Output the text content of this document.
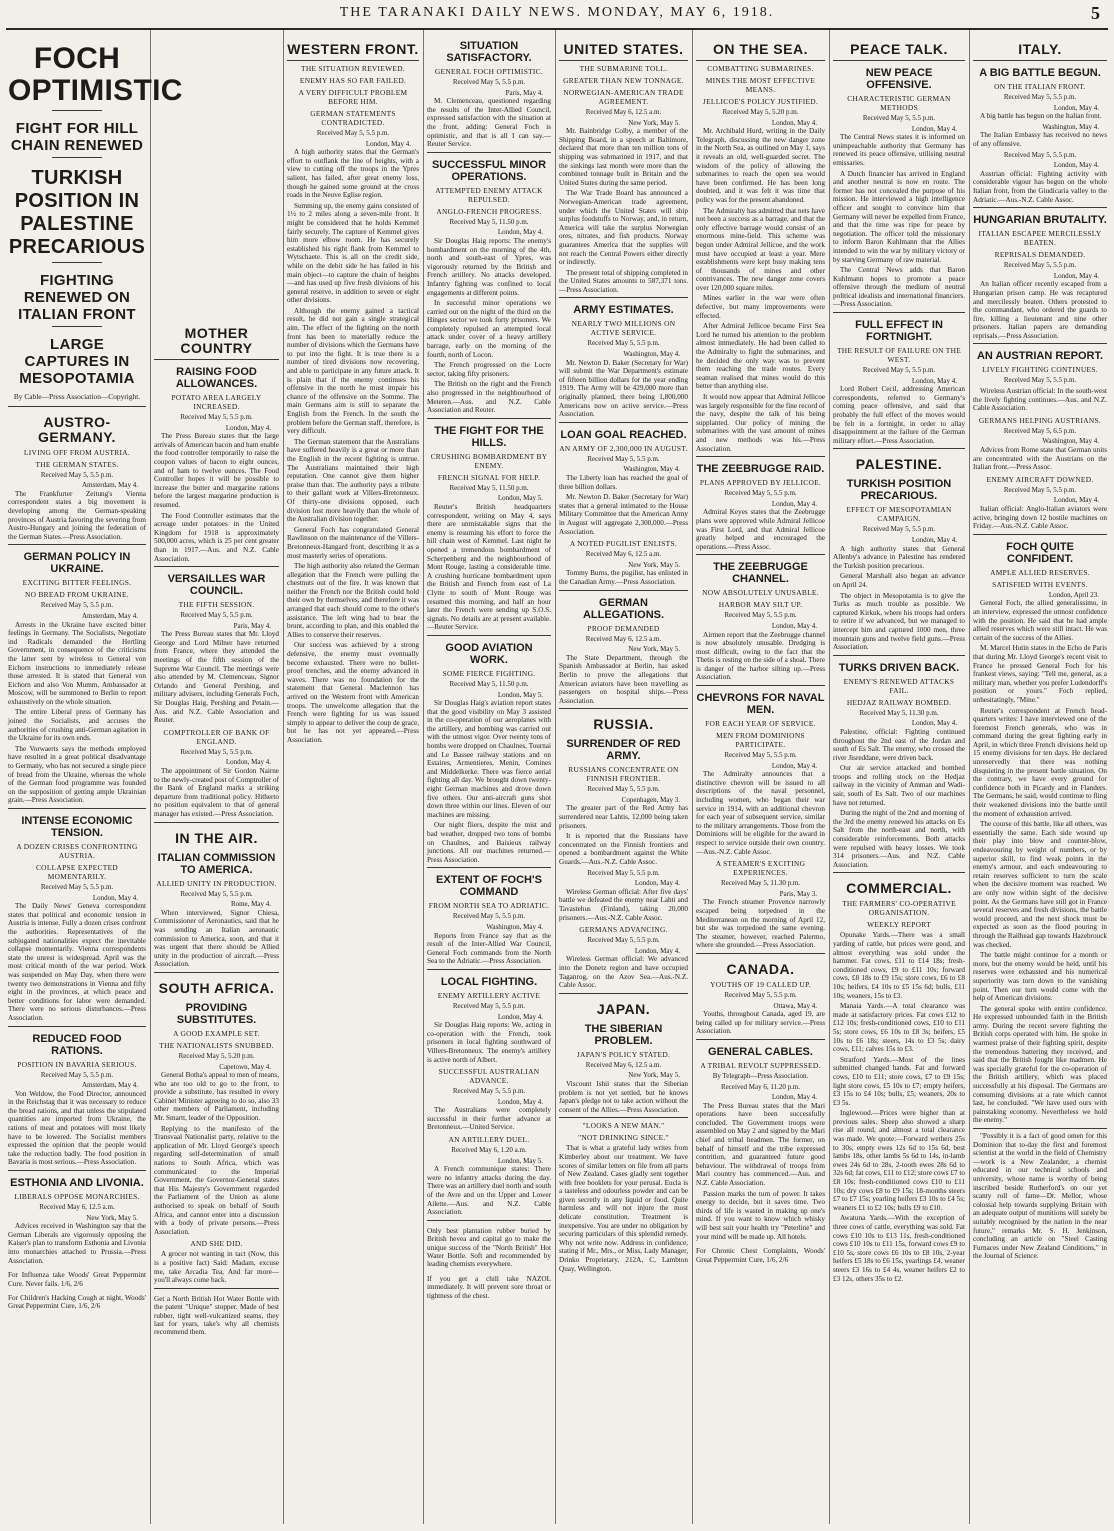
THE TARANAKI DAILY NEWS. MONDAY, MAY 6, 1918.	5
FOCH OPTIMISTIC
FIGHT FOR HILL CHAIN RENEWED
TURKISH POSITION IN PALESTINE PRECARIOUS
FIGHTING RENEWED ON ITALIAN FRONT
LARGE CAPTURES IN MESOPOTAMIA
By Cable—Press Association—Copyright.
AUSTRO-GERMANY.
LIVING OFF FROM AUSTRIA.
THE GERMAN STATES.
Received May 5, 5.5 p.m.
Amsterdam, May 4.

The Frankfurter Zeitung's Vienna correspondent states a big movement is developing among the German-speaking provinces of Austria favoring the severing from Austro-Hungary and joining the federation of the German States.—Press Association.

GERMAN POLICY IN UKRAINE.
EXCITING BITTER FEELINGS.
NO BREAD FROM UKRAINE.
Received May 5, 5.5 p.m.
Amsterdam, May 4.

Arrests in the Ukraine have excited bitter feelings in Germany. The Socialists, Negotiate ind Radicals demanded the Hertling Government, in consequence of the criticisms the latter sent by wireless to General von Eichorn instructions to immediately release those arrested. It is stated that General von Eichorn and also Von Mumm, Ambassador at Moscow, will be summoned to Berlin to report exhaustively on the whole situation.

The entire Liberal press of Germany has joined the Socialists, and accuses the authorities of crushing anti-German agitation in the Ukraine for its own ends.

The Vorwaerts says the methods employed have resulted in a great political disadvantage to Germany, who has not secured a single piece of bread from the Ukraine, whereas the whole of the German food programme was founded on the supposition of getting ample Ukrainian grain.—Press Association.

INTENSE ECONOMIC TENSION.
A DOZEN CRISES CONFRONTING AUSTRIA.
COLLAPSE EXPECTED MOMENTARILY.
Received May 5, 5.5 p.m.
London, May 4.

The Daily News' Geneva correspondent states that political and economic tension in Austria is intense. Fully a dozen crises confront the authorities. Representatives of the subjugated nationalities expect the inevitable collapse momentarily. Vienna correspondents state the unrest is widespread. April was the most critical month of the war period. Work was suspended on May Day, when there were twenty two demonstrations in Vienna and fifty eight in the provinces, at which peace and better conditions for labor were demanded. There were no serious disturbances.—Press Association.

REDUCED FOOD RATIONS.
POSITION IN BAVARIA SERIOUS.
Received May 5, 5.5 p.m.
Amsterdam, May 4.

Von Weldow, the Food Director, announced in the Reichstag that it was necessary to reduce the bread rations, and that unless the stipulated quantities are imported from Ukraine, the rations of meat and potatoes will most likely have to be lowered. The Socialist members expressed the opinion that the people would take the reduction badly. The food position in Bavaria is most serious.—Press Association.

ESTHONIA AND LIVONIA.
LIBERALS OPPOSE MONARCHIES.
Received May 6, 12.5 a.m.
New York, May 5.

Advices received in Washington say that the German Liberals are vigorously opposing the Kaiser's plan to transform Esthonia and Livonia into monarchies attached to Prussia.—Press Association.

For Influenza take Woods' Great Peppermint Cure. Never fails. 1/6, 2/6
For Children's Hacking Cough at night, Woods' Great Peppermint Cure, 1/6, 2/6
MOTHER COUNTRY
RAISING FOOD ALLOWANCES.
POTATO AREA LARGELY INCREASED.
Received May 5, 5.5 p.m.
London, May 4.

The Press Bureau states that the large arrivals of American bacon and ham enable the food controller temporarily to raise the coupon values of bacon to eight ounces, and of ham to twelve ounces. The Food Controller hopes it will be possible to increase the butter and margarine rations before the largest margarine production is resumed.

The Food Controller estimates that the acreage under potatoes in the United Kingdom for 1918 is approximately 500,000 acres, which is 25 per cent greater than in 1917.—Aus. and N.Z. Cable Association.

VERSAILLES WAR COUNCIL.
THE FIFTH SESSION.
Received May 5, 5.5 p.m.
Paris, May 4.

The Press Bureau states that Mr. Lloyd George and Lord Milner have returned from France, where they attended the meetings of the fifth session of the Supreme War Council. The meetings were also attended by M. Clemenceau, Signor Orlando and General Pershing, and military advisers, including Generals Foch, Sir Douglas Haig, Pershing and Petain.—Aus. and N.Z. Cable Association and Reuter.

COMPTROLLER OF BANK OF ENGLAND.
Received May 5, 5.5 p.m.
London, May 4.

The appointment of Sir Gordon Nairne to the newly-created post of Comptroller of the Bank of England marks a striking departure from traditional policy. Hitherto no position equivalent to that of general manager has existed.—Press Association.

IN THE AIR.
ITALIAN COMMISSION TO AMERICA.
ALLIED UNITY IN PRODUCTION.
Received May 5, 5.5 p.m.
Rome, May 4.

When interviewed, Signor Chiesa, Commissioner of Aeronautics, said that he was sending an Italian aeronautic commission to America, soon, and that it was urgent that there should be Allied unity in the production of aircraft.—Press Association.

SOUTH AFRICA.
PROVIDING SUBSTITUTES.
A GOOD EXAMPLE SET.
THE NATIONALISTS SNUBBED.
Received May 5, 5.20 p.m.
Capetown, May 4.

General Botha's appeal to men of means, who are too old to go to the front, to provide a substitute, has resulted in every Cabinet Minister agreeing to do so, also 33 other members of Parliament, including Mr. Smartt, leader of the Opposition.

Replying to the manifesto of the Transvaal Nationalist party, relative to the application of Mr. Lloyd George's speech regarding self-determination of small nations to South Africa, which was communicated to the Imperial Government, the Governor-General states that His Majesty's Government regarded the Parliament of the Union as alone authorised to speak on behalf of South Africa, and cannot enter into a discussion with a body of private persons.—Press Association.

AND SHE DID.

A grocer not wanting in tact (Now, this is a positive fact) Said: Madam, excuse me, take Arcadia Tea, And far more—you'll always come back.

Get a North British Hot Water Bottle with the patent "Unique" stopper. Made of best rubber, tight well-vulcanized seams, they last for years, take's why all chemists recommend them.
WESTERN FRONT.
THE SITUATION REVIEWED.
ENEMY HAS SO FAR FAILED.
A VERY DIFFICULT PROBLEM BEFORE HIM.
GERMAN STATEMENTS CONTRADICTED.
Received May 5, 5.5 p.m.
London, May 4.

A high authority states that the German's effort to outflank the line of heights, with a view to cutting off the troops in the Ypres salient, has failed, after great enemy loss, though he gained some ground at the cross roads in the Neuve Eglise region.

Summing up, the enemy gains consisted of 1½ to 2 miles along a seven-mile front. It might be considered that he holds Kemmel fairly securely. The capture of Kemmel gives him more elbow room. He has securely established his right flank from Kemmel to Wytschaete. This is all on the credit side, while on the debit side he has failed in his main object—to capture the chain of heights—and has used up five fresh divisions of his general reserve, in addition to seven or eight other divisions.

Although the enemy gained a tactical result, he did not gain a single strategical aim. The effect of the fighting on the north front has been to materially reduce the number of divisions which the Germans have to put into the fight. It is true there is a number of tired divisions now recovering, and able to participate in any future attack. It is plain that if the enemy continues his offensive in the north he must impair his chance of the offensive on the Somme. The main Germans aim is still to separate the English from the French. In the south the problem before the German staff, therefore, is very difficult.

The German statement that the Australians have suffered heavily is a great or more than the English in the recent fighting is untrue. The Australians maintained their high reputation. One cannot give them higher praise than that. The authority pays a tribute to their gallant work at Villers-Bretonneux. Of thirty-one divisions opposed, each division lost more heavily than the whole of the Australian division together.

General Foch has congratulated General Rawlinson on the maintenance of the Villers-Bretonneux-Hangard front, describing it as a most masterly series of operations.

The high authority also related the German allegation that the French were pulling the chestnuts out of the fire. It was known that neither the French nor the British could hold their own by themselves, and therefore it was arranged that each should come to the other's assistance. The left wing had to bear the brunt, according to plan, and this enabled the Allies to conserve their reserves.

Our success was achieved by a strong defensive, the enemy must eventually become exhausted. There were no bullet-proof trenches, and the enemy advanced in waves. There was no foundation for the statement that General Maclennon has arrived on the Western front with American troops. The unwelcome allegation that the French were fighting for us was issued simply to appear to deliver the coup de grace, but he has not yet appeared.—Press Association.

SITUATION SATISFACTORY.
GENERAL FOCH OPTIMISTIC.
Received May 5, 5.5 p.m.
Paris, May 4.

M. Clemenceau, questioned regarding the results of the Inter-Allied Council, expressed satisfaction with the situation at the front, adding: General Foch is optimistic, and that is all I can say.—Reuter Service.

SUCCESSFUL MINOR OPERATIONS.
ATTEMPTED ENEMY ATTACK REPULSED.
ANGLO-FRENCH PROGRESS.
Received May 5, 11.50 p.m.
London, May 4.

Sir Douglas Haig reports: The enemy's bombardment on the morning of the 4th, north and south-east of Ypres, was vigorously returned by the British and French artillery. No attacks developed. Infantry fighting was confined to local engagements at different points.

In successful minor operations we carried out on the night of the third on the Hinges sector we took forty prisoners. We completely repulsed an attempted local attack under cover of a heavy artillery barrage, early on the morning of the fourth, north of Locon.

The French progressed on the Locre sector, taking fifty prisoners.

The British on the right and the French also progressed in the neighbourhood of Meteren.—Aus. and N.Z. Cable Association and Reuter.

THE FIGHT FOR THE HILLS.
CRUSHING BOMBARDMENT BY ENEMY.
FRENCH SIGNAL FOR HELP.
Received May 5, 11.50 p.m.
London, May 5.

Reuter's British headquarters correspondent, writing on May 4, says there are unmistakable signs that the enemy is resuming his effort to force the hill chain west of Kemmel. Last night he opened a tremendous bombardment of Scherpenberg and the neighbourhood of Mont Rouge, lasting a considerable time. A crushing hurricane bombardment upon the British and French from east of La Clytte to south of Mont Rouge was resumed this morning, and half an hour later the French were sending up S.O.S. signals. No details are at present available.—Reuter Service.

GOOD AVIATION WORK.
SOME FIERCE FIGHTING.
Received May 5, 11.50 p.m.
London, May 5.

Sir Douglas Haig's aviation report states that the good visibility on May 3 assisted in the co-operation of our aeroplanes with the artillery, and bombing was carried out with the utmost vigor. Over twenty tons of bombs were dropped on Chaulnes, Tournai and Le Bassee railway stations and on Estaires, Armentieres, Menin, Comines and Middelkerke. There was fierce aerial fighting all day. We brought down twenty-eight German machines and drove down five others. Our anti-aircraft guns shot down three within our lines. Eleven of our machines are missing.

Our night fliers, despite the mist and bad weather, dropped two tons of bombs on Chaulnes, and Baisieux railway junctions. All our machines returned.—Press Association.

EXTENT OF FOCH'S COMMAND
FROM NORTH SEA TO ADRIATIC.
Received May 5, 5.5 p.m.
Washington, May 4.

Reports from France say that as the result of the Inter-Allied War Council, General Foch commands from the North Sea to the Adriatic.—Press Association.

LOCAL FIGHTING.
ENEMY ARTILLERY ACTIVE
Received May 5, 5.5 p.m.
London, May 4.

Sir Douglas Haig reports: We, acting in co-operation with the French, took prisoners in local fighting southward of Villers-Bretonneux. The enemy's artillery is active north of Albert.

SUCCESSFUL AUSTRALIAN ADVANCE.
Received May 5, 5.5 p.m.
London, May 4.

The Australians were completely successful in their further advance at Bretonneux.—United Service.

AN ARTILLERY DUEL.
Received May 6, 1.20 a.m.
London, May 5.

A French communique states: There were no infantry attacks during the day. There was an artillery duel north and south of the Avre and on the Upper and Lower Ailette.—Aus. and N.Z. Cable Association.

Only best plantation rubber buried by British hevea and capital go to make the unique success of the "North British" Hot Water Bottle. Soft and recommended by leading chemists everywhere.
If you get a chill take NAZOL immediately. It will prevent sore throat or tightness of the chest.
UNITED STATES.
THE SUBMARINE TOLL.
GREATER THAN NEW TONNAGE.
NORWEGIAN-AMERICAN TRADE AGREEMENT.
Received May 6, 12.5 a.m.
New York, May 5.

Mr. Bainbridge Colby, a member of the Shipping Board, in a speech at Baltimore, declared that more than ten million tons of shipping was submarined in 1917, and that the sinkings last month were more than the combined tonnage built in Britain and the United States during the same period.

The War Trade Board has announced a Norwegian-American trade agreement, under which the United States will ship surplus foodstuffs to Norway, and, in return, America will take the surplus Norwegian ores, nitrates, and fish products. Norway guarantees America that the supplies will not reach the Central Powers either directly or indirectly.

The present total of shipping completed in the United States amounts to 587,371 tons.—Press Association.

ARMY ESTIMATES.
NEARLY TWO MILLIONS ON ACTIVE SERVICE.
Received May 5, 5.5 p.m.
Washington, May 4.

Mr. Newton D. Baker (Secretary for War) will submit the War Department's estimate of fifteen billion dollars for the year ending 1919. The Army will be 429,000 more than originally planned, there being 1,800,000 Americans now on active service.—Press Association.

LOAN GOAL REACHED.
AN ARMY OF 2,300,000 IN AUGUST.
Received May 5, 5.5 p.m.
Washington, May 4.

The Liberty loan has reached the goal of three billion dollars.

Mr. Newton D. Baker (Secretary for War) states that a general intimated to the House Military Committee that the American Army in August will aggregate 2,300,000.—Press Association.

A NOTED PUGILIST ENLISTS.
Received May 6, 12.5 a.m.
New York, May 5.

Tommy Burns, the pugilist, has enlisted in the Canadian Army.—Press Association.

GERMAN ALLEGATIONS.
PROOF DEMANDED
Received May 6, 12.5 a.m.
New York, May 5.

The State Department, through the Spanish Ambassador at Berlin, has asked Berlin to prove the allegations that American aviators have been travelling as passengers on hospital ships.—Press Association.

RUSSIA.
SURRENDER OF RED ARMY.
RUSSIANS CONCENTRATE ON FINNISH FRONTIER.
Received May 5, 5.5 p.m.
Copenhagen, May 3.

The greater part of the Red Army has surrendered near Lahtis, 12,000 being taken prisoners.

It is reported that the Russians have concentrated on the Finnish frontiers and opened a bombardment against the White Guards.—Aus.-N.Z. Cable Assoc.

Received May 5, 5.5 p.m.
London, May 4.

Wireless German official: After five days' battle we defeated the enemy near Lahti and Tavastehus (Finland), taking 20,000 prisoners.—Aus.-N.Z. Cable Assoc.

GERMANS ADVANCING.
Received May 5, 5.5 p.m.
London, May 4.

Wireless German official: We advanced into the Donetz region and have occupied Taganrog, on the Azov Sea.—Aus.-N.Z. Cable Assoc.

JAPAN.
THE SIBERIAN PROBLEM.
JAPAN'S POLICY STATED.
Received May 6, 12.5 a.m.
New York, May 5.

Viscount Ishii states that the Siberian problem is not yet settled, but he knows Japan's pledge not to take action without the consent of the Allies.—Press Association.

"LOOKS A NEW MAN."
"NOT DRINKING SINCE."

That is what a grateful lady writes from Kimberley about our treatment. We have scores of similar letters on file from all parts of New Zealand. Cases gladly sent together with free booklets for your perusal. Eucla is a tasteless and odourless powder and can be given secretly in any liquid or food. Quite harmless and will not injure the most delicate constitution. Treatment is inexpensive. You are under no obligation by securing particulars of this splendid remedy. Why not write now. Address in confidence, stating if Mr., Mrs., or Miss, Lady Manager, Drinko Proprietary, 212A, C, Lambton Quay, Wellington.

ON THE SEA.
COMBATTING SUBMARINES.
MINES THE MOST EFFECTIVE MEANS.
JELLICOE'S POLICY JUSTIFIED.
Received May 5, 5.20 p.m.
London, May 4.

Mr. Archibald Hurd, writing in the Daily Telegraph, discussing the new danger zone in the North Sea, as outlined on May 1, says it reveals an old, well-guarded secret. The wisdom of the policy of allowing the submarines to reach the open sea would have been confirmed. He has been long doubted, and it was felt it was time that policy was for the present abandoned.

The Admiralty has admitted that nets have not been a success as a barrage, and that the only effective barrage would consist of an enormous mine-field. This scheme was begun under Admiral Jellicoe, and the work must have occupied at least a year. Mere establishments were kept busy making tens of thousands of mines and other contrivances. The new danger zone covers over 120,000 square miles.

Mines earlier in the war were often defective, but many improvements were effected.

After Admiral Jellicoe became First Sea Lord he turned his attention to the problem almost immediately. He had been called to the Admiralty to fight the submarines, and he decided the only way was to prevent them reaching the trade routes. Every seaman realised that mines would do this better than anything else.

It would now appear that Admiral Jellicoe was largely responsible for the fine record of the navy, despite the talk of his being supplanted. Our policy of mining the submarines with the vast amount of mines and new methods was his.—Press Association.

THE ZEEBRUGGE RAID.
PLANS APPROVED BY JELLICOE.
Received May 5, 5.5 p.m.
London, May 4.

Admiral Keyes states that the Zeebrugge plans were approved while Admiral Jellicoe was First Lord, and that Admiral Jellicoe greatly helped and encouraged the operations.—Press Assoc.

THE ZEEBRUGGE CHANNEL.
NOW ABSOLUTELY UNUSABLE.
HARBOR MAY SILT UP.
Received May 5, 5.5 p.m.
London, May 4.

Airmen report that the Zeebrugge channel is now absolutely unusable. Dredging is most difficult, owing to the fact that the Thetis is resting on the side of a shoal. There is danger of the harbor silting up.—Press Association.

CHEVRONS FOR NAVAL MEN.
FOR EACH YEAR OF SERVICE.
MEN FROM DOMINIONS PARTICIPATE.
Received May 5, 5.5 p.m.
London, May 4.

The Admiralty announces that a distinctive chevron will be issued to all descriptions of the naval personnel, including women, who began their war service in 1914, with an additional chevron for each year of subsequent service, similar to the military arrangements. Those from the Dominions will be eligible for the award in respect to service outside their own country.—Aus.-N.Z. Cable Assoc.

A STEAMER'S EXCITING EXPERIENCES.
Received May 5, 11.30 p.m.
Paris, May 3.

The French steamer Provence narrowly escaped being torpedoed in the Mediterranean on the morning of April 12, but she was torpedoed the same evening. The steamer, however, reached Palermo, where she grounded.—Press Association.

CANADA.
YOUTHS OF 19 CALLED UP.
Received May 5, 5.5 p.m.
Ottawa, May 4.

Youths, throughout Canada, aged 19, are being called up for military service.—Press Association.

GENERAL CABLES.
A TRIBAL REVOLT SUPPRESSED.
By Telegraph—Press Association.
Received May 6, 11.20 p.m.
London, May 4.

The Press Bureau states that the Mari operations have been successfully concluded. The Government troops were assembled on May 2 and signed by the Mari chief and tribal headmen. The former, on behalf of himself and the tribe expressed contrition, and guaranteed future good behaviour. The withdrawal of troops from Mari country has commenced.—Aus. and N.Z. Cable Association.

Passion marks the turn of power. It takes energy to decide, but it saves time. Two thirds of life is wasted in making up one's mind. If you want to know which whisky will best suit your health try "Peterline" and your mind will be made up. All hotels.

For Chronic Chest Complaints, Woods' Great Peppermint Cure, 1/6, 2/6
PEACE TALK.
NEW PEACE OFFENSIVE.
CHARACTERISTIC GERMAN METHODS
Received May 5, 5.5 p.m.
London, May 4.

The Central News states it is informed on unimpeachable authority that Germany has renewed its peace offensive, utilising neutral emissaries.

A Dutch financier has arrived in England and another neutral is now en route. The former has not concealed the purpose of his mission. He interviewed a high intelligence officer and sought to convince him that Germany will never be expelled from France, and that the time was ripe for peace by negotiation. The officer told the missionary to inform Baron Kuhlmann that the Allies intended to win the war by military victory or by starving Germany of raw material.

The Central News adds that Baron Kuhlmann hopes to promote a peace offensive through the medium of neutral political idealists and international financiers.—Press Association.

FULL EFFECT IN FORTNIGHT.
THE RESULT OF FAILURE ON THE WEST.
Received May 5, 5.5 p.m.
London, May 4.

Lord Robert Cecil, addressing American correspondents, referred to Germany's coming peace offensive, and said that probably the full effect of the moves would be felt in a fortnight, in order to allay disappointment at the failure of the German military effort.—Press Association.

PALESTINE.
TURKISH POSITION PRECARIOUS.
EFFECT OF MESOPOTAMIAN CAMPAIGN.
Received May 5, 5.5 p.m.
London, May 4.

A high authority states that General Allenby's advance in Palestine has rendered the Turkish position precarious.

General Marshall also began an advance on April 24.

The object in Mesopotamia is to give the Turks as much trouble as possible. We captured Kirkuk, where his troops had orders to retire if we advanced, but we managed to intercept him and captured 1000 men, three mountain guns and twelve field guns.—Press Association.

TURKS DRIVEN BACK.
ENEMY'S RENEWED ATTACKS FAIL.
HEDJAZ RAILWAY BOMBED.
Received May 5, 11.30 p.m.
London, May 4.

Palestine, official: Fighting continued throughout the 2nd east of the Jordan and south of Es Salt. The enemy, who crossed the river Jisreddane, were driven back.

Our air service attacked and bombed troops and rolling stock on the Hedjaz railway in the vicinity of Amman and Wadi-sair, south of Es Salt. Two of our machines have not returned.

During the night of the 2nd and morning of the 3rd the enemy renewed his attacks on Es Salt from the north-east and north, with considerable reinforcements. Both attacks were repulsed with heavy losses. We took 314 prisoners.—Aus. and N.Z. Cable Association.

COMMERCIAL.
THE FARMERS' CO-OPERATIVE ORGANISATION.
WEEKLY REPORT

Opunake Yards.—There was a small yarding of cattle, but prices were good, and almost everything was sold under the hammer. Fat cows, £11 to £14 18s; fresh-conditioned cows, £9 to £11 10s; forward cows, £8 18s to £9 15s; store cows, £6 to £8 10s; heifers, £4 10s to £5 15s 6d; bulls, £11 10s; weaners, 15s to £3.

Manaia Yards.—A total clearance was made at satisfactory prices. Fat cows £12 to £12 10s; fresh-conditioned cows, £10 to £11 5s; store cows, £6 10s to £8 3s; heifers, £5 10s to £6 18s; steers, 14s to £3 5s; dairy cows, £11; calves 15s to £3.

Stratford Yards.—Most of the lines submitted changed hands. Fat and forward cows, £10 to £11; store cows, £7 to £9 15s; light store cows, £5 10s to £7; empty heifers, £3 15s to £4 10s; bulls, £5; weaners, 20s to £3 5s.

Inglewood.—Prices were higher than at previous sales. Sheep also showed a sharp rise all round, and almost a total clearance was made. We quote:—Forward wethers 25s to 30s, empty ewes 12s 6d to 15s 6d, best lambs 18s, other lambs 5s 6d to 14s, in-lamb ewes 24s 6d to 28s, 2-tooth ewes 28s 6d to 32s 6d; fat cows, £11 to £12; store cows £7 to £8 10s; fresh-conditioned cows £10 to £11 10s; dry cows £8 to £9 15s; 18-months steers £7 to £7 15s; yearling heifers £3 10s to £4 5s; weaners £1 to £2 10s; bulls £9 to £10.

Awatuna Yards.—With the exception of three cows of cattle, everything was sold. Fat cows £10 10s to £13 11s, fresh-conditioned cows £10 10s to £11 15s, forward cows £9 to £10 5s, store cows £6 10s to £8 10s, 2-year heifers £5 18s to £6 15s, yearlings £4, weaner steers £3 16s to £4 4s, weaner heifers £2 to £3 12s, others 35s to £2.

ITALY.
A BIG BATTLE BEGUN.
ON THE ITALIAN FRONT.
Received May 5, 5.5 p.m.
London, May 4.

A big battle has begun on the Italian front.

Washington, May 4.

The Italian Embassy has received no news of any offensive.

Received May 5, 5.5 p.m.
London, May 4.

Austrian official: Fighting activity with considerable vigour has begun on the whole Italian front, from the Giudicaria valley to the Adriatic.—Aus.-N.Z. Cable Assoc.

HUNGARIAN BRUTALITY.
ITALIAN ESCAPEE MERCILESSLY BEATEN.
REPRISALS DEMANDED.
Received May 5, 5.5 p.m.
London, May 4.

An Italian officer recently escaped from a Hungarian prison camp. He was recaptured and mercilessly beaten. Others protested to the commandant, who ordered the guards to fire, killing a lieutenant and nine other prisoners. Italian papers are demanding reprisals.—Press Association.

AN AUSTRIAN REPORT.
LIVELY FIGHTING CONTINUES.
Received May 5, 5.5 p.m.

Wireless Austrian official: In the south-west the lively fighting continues.—Aus. and N.Z. Cable Association.

GERMANS HELPING AUSTRIANS.
Received May 5, 6.5 p.m.
Washington, May 4.

Advices from Rome state that German units are concentrated with the Austrians on the Italian front.—Press Assoc.

ENEMY AIRCRAFT DOWNED.
Received May 5, 5.5 p.m.
London, May 4.

Italian official: Anglo-Italian aviators were active, bringing down 12 hostile machines on Friday.—Aus.-N.Z. Cable Assoc.

FOCH QUITE CONFIDENT.
AMPLE ALLIED RESERVES.
SATISFIED WITH EVENTS.
London, April 23.

General Foch, the allied generalissimo, in an interview, expressed the utmost confidence with the position. He said that he had ample allied reserves which were still intact. He was certain of the success of the Allies.

M. Marcel Hutin states in the Echo de Paris that during Mr. Lloyd George's recent visit to France he pressed General Foch for his frankest views, saying: "Tell me, general, as a military man, whether you prefer Ludendorff's position or yours." Foch replied, unhesitatingly, "Mine."

Reuter's correspondent at French head-quarters writes: I have interviewed one of the foremost French generals, who was in command during the great fighting early in April, in which three French divisions held up 15 enemy divisions for ten days. He declared unreservedly that there was nothing disquieting in the present battle situation. On the contrary, we have every ground for confidence both in Picardy and in Flanders. The Germans, he said, would continue to fling their weakened divisions into the battle until the moment of exhaustion arrived.

The course of this battle, like all others, was essentially the same. Each side wound up their play into blow and counter-blow, endeavouring by weight of numbers, or by superior skill, to find weak points in the enemy's armour, and each endeavouring to retain reserves sufficient to turn the scale when the decisive moment was reached. We are only now within sight of the decisive point. As the Germans have still got in France several reserves and fresh divisions, the battle would proceed, and the next shock must be expected as soon as the flood pouring in through the Railhead gap towards Hazebrouck was checked.

The battle might continue for a month or more, but the enemy would be held, until his reserves were exhausted and his numerical superiority was torn down to the vanishing point. Then our turn would come with the help of American divisions.

The general spoke with entire confidence. He expressed unbounded faith in the British army. During the recent severe fighting the British corps operated with him. He spoke in warmest praise of their fighting spirit, despite the tremendous battering they received, and said that the British fought like madmen. He was specially grateful for the co-operation of the British artillery, which was placed successfully at his disposal. The Germans are consuming divisions at a rate which cannot last, he concluded. "We have used ours with painstaking economy. Nevertheless we hold the enemy."

"Possibly it is a fact of good omen for this Dominion that to-day the first and foremost scientist at the world in the field of Chemistry—work is a New Zealander, a chemist educated in our technical schools and university, whose name is worthy of being inscribed beside Rutherford's on our yet scanty roll of fame—Dr. Mellor, whose colossal help towards supplying Britain with an adequate output of munitions will surely be suitably recognised by the nation in the near future," remarks Mr. S. H. Jenkinson, concluding an article on "Steel Casting Furnaces under New Zealand Conditions," in the Journal of Science.
